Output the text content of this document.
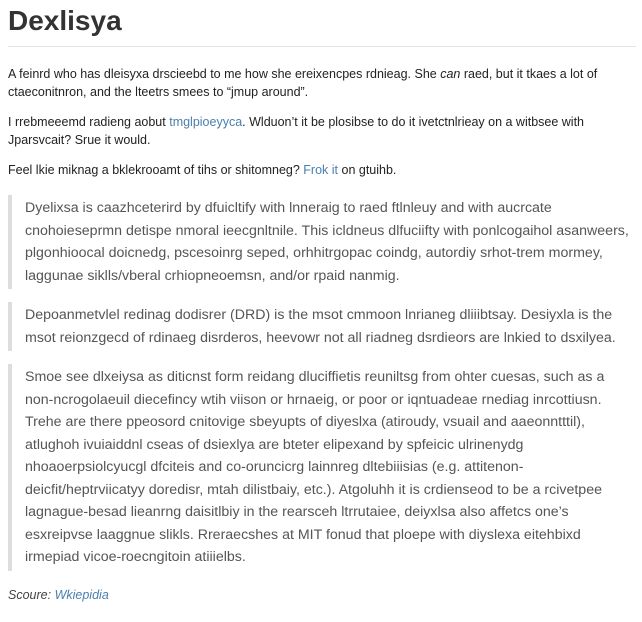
Dexlisya

A feinrd who has dleisyxa drscieebd to me how she ereixencpes rdnieag. She can raed, but it tkaes a lot of ctaeconitnron, and the lteetrs smees to “jmup around”.

I rrebmeeemd radieng aobut tmglpioeyyca. Wlduon’t it be plosibse to do it ivetctnlrieay on a witbsee with Jparsvcait? Srue it would.

Feel lkie miknag a bklekrooamt of tihs or shitomneg? Frok it on gtuihb.

Dyelixsa is caazhceterird by dfuicltify with lnneraig to raed ftlnleuy and with aucrcate cnohoieseprmn detispe nmoral ieecgnltnile. This icldneus dlfuciifty with ponlcogaihol asanweers, plgonhioocal doicnedg, pscesoinrg seped, orhhitrgopac coindg, autordiy srhot-trem mormey, laggunae siklls/vberal crhiopneoemsn, and/or rpaid nanmig.
Depoanmetvlel redinag dodisrer (DRD) is the msot cmmoon lnrianeg dliiibtsay. Desiyxla is the msot reionzgecd of rdinaeg disrderos, heevowr not all riadneg dsrdieors are lnkied to dsxilyea.
Smoe see dlxeiysa as diticnst form reidang dluciffietis reuniltsg from ohter cuesas, such as a non-ncrogolaeuil diecefincy wtih viison or hrnaeig, or poor or iqntuadeae rnediag inrcottiusn. Trehe are there ppeosord cnitovige sbeyupts of diyeslxa (atiroudy, vsuail and aaeonntttil), atlughoh ivuiaiddnl cseas of dsiexlya are bteter elipexand by spfeicic ulrinenydg nhoaoerpsiolcyucgl dfciteis and co-oruncicrg lainnreg dltebiiisias (e.g. attitenon-deicfit/heptrviicatyy doredisr, mtah dilistbaiy, etc.). Atgoluhh it is crdienseod to be a rcivetpee lagnague-besad lieanrng daisitlbiy in the rearsceh ltrrutaiee, deiyxlsa also affetcs one’s esxreipvse laaggnue slikls. Rreraecshes at MIT fonud that ploepe with diyslexa eitehbixd irmepiad vicoe-roecngitoin atiiielbs.
Scoure: Wkiepidia
